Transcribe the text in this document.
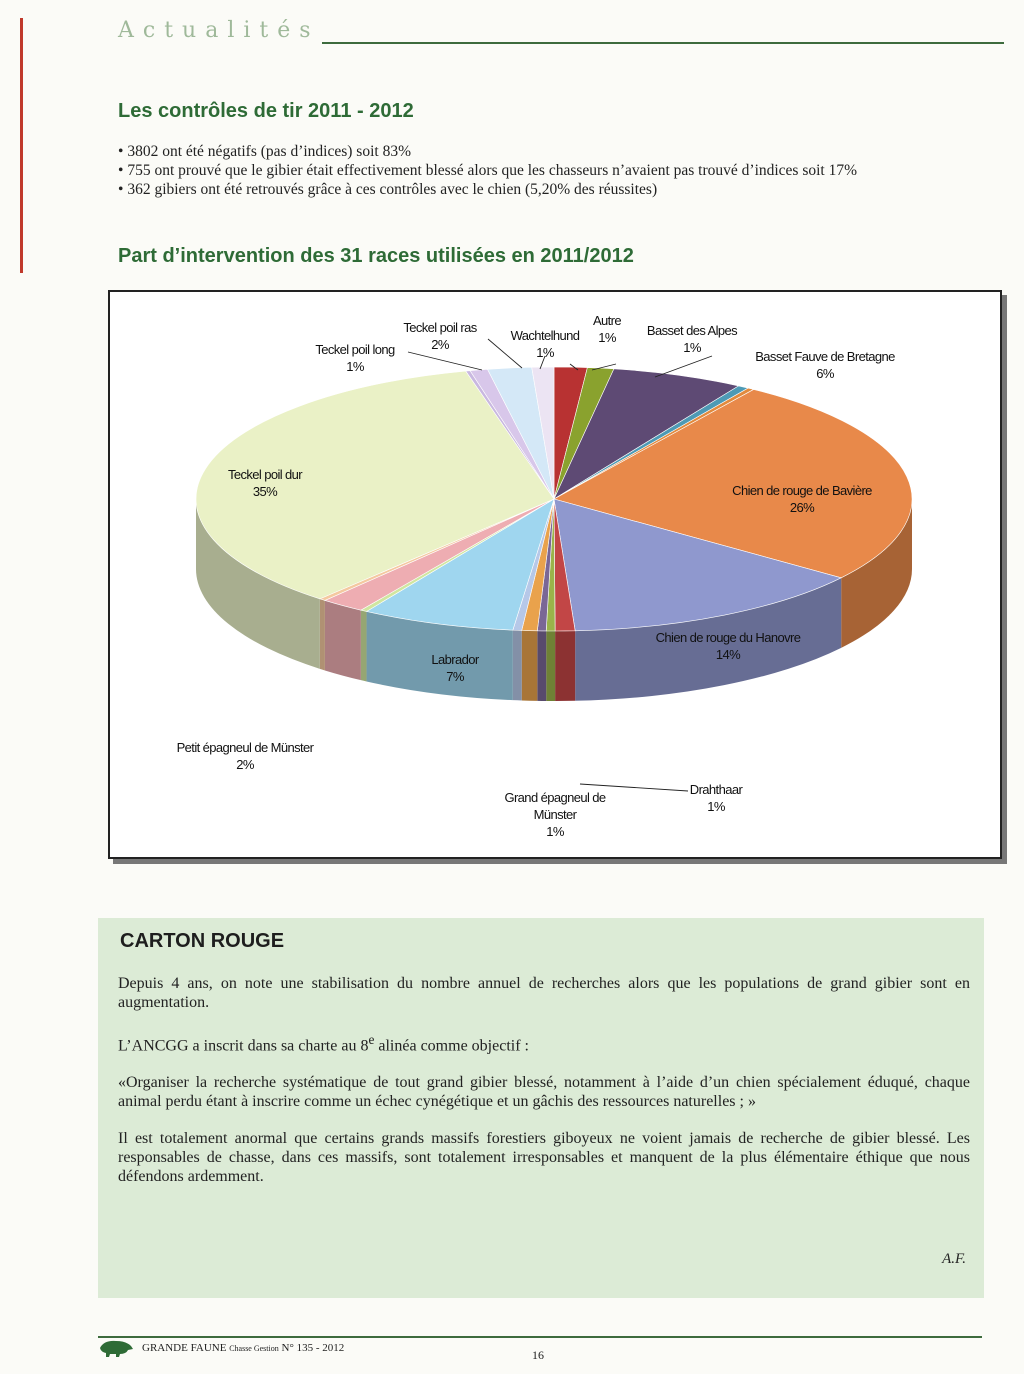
Actualités
Les contrôles de tir 2011 - 2012
• 3802 ont été négatifs (pas d’indices) soit 83%
• 755 ont prouvé que le gibier était effectivement blessé alors que les chasseurs n’avaient pas trouvé d’indices soit 17%
• 362 gibiers ont été retrouvés grâce à ces contrôles avec le chien (5,20% des réussites)
Part d’intervention des 31 races utilisées en 2011/2012
Autre 1%	Basset des Alpes 1%
Basset Fauve de Bretagne 6%
Chien de rouge de Bavière 26%
Chien de rouge du Hanovre 14%
Drahthaar 1%
Grand épagneul de Münster 1%
Labrador 7%
Petit épagneul de Münster 2%
Teckel poil dur 35%
Teckel poil long 1%
Teckel poil ras 2%
Wachtelhund 1%
CARTON ROUGE

Depuis 4 ans, on note une stabilisation du nombre annuel de recherches alors que les populations de grand gibier sont en augmentation.

L’ANCGG a inscrit dans sa charte au 8e alinéa comme objectif :

«Organiser la recherche systématique de tout grand gibier blessé, notamment à l’aide d’un chien spécialement éduqué, chaque animal perdu étant à inscrire comme un échec cynégétique et un gâchis des ressources naturelles ; »

Il est totalement anormal que certains grands massifs forestiers giboyeux ne voient jamais de recherche de gibier blessé. Les responsables de chasse, dans ces massifs, sont totalement irresponsables et manquent de la plus élémentaire éthique que nous défendons ardemment.

A.F.
GRANDE FAUNE Chasse Gestion N° 135 - 2012	16
